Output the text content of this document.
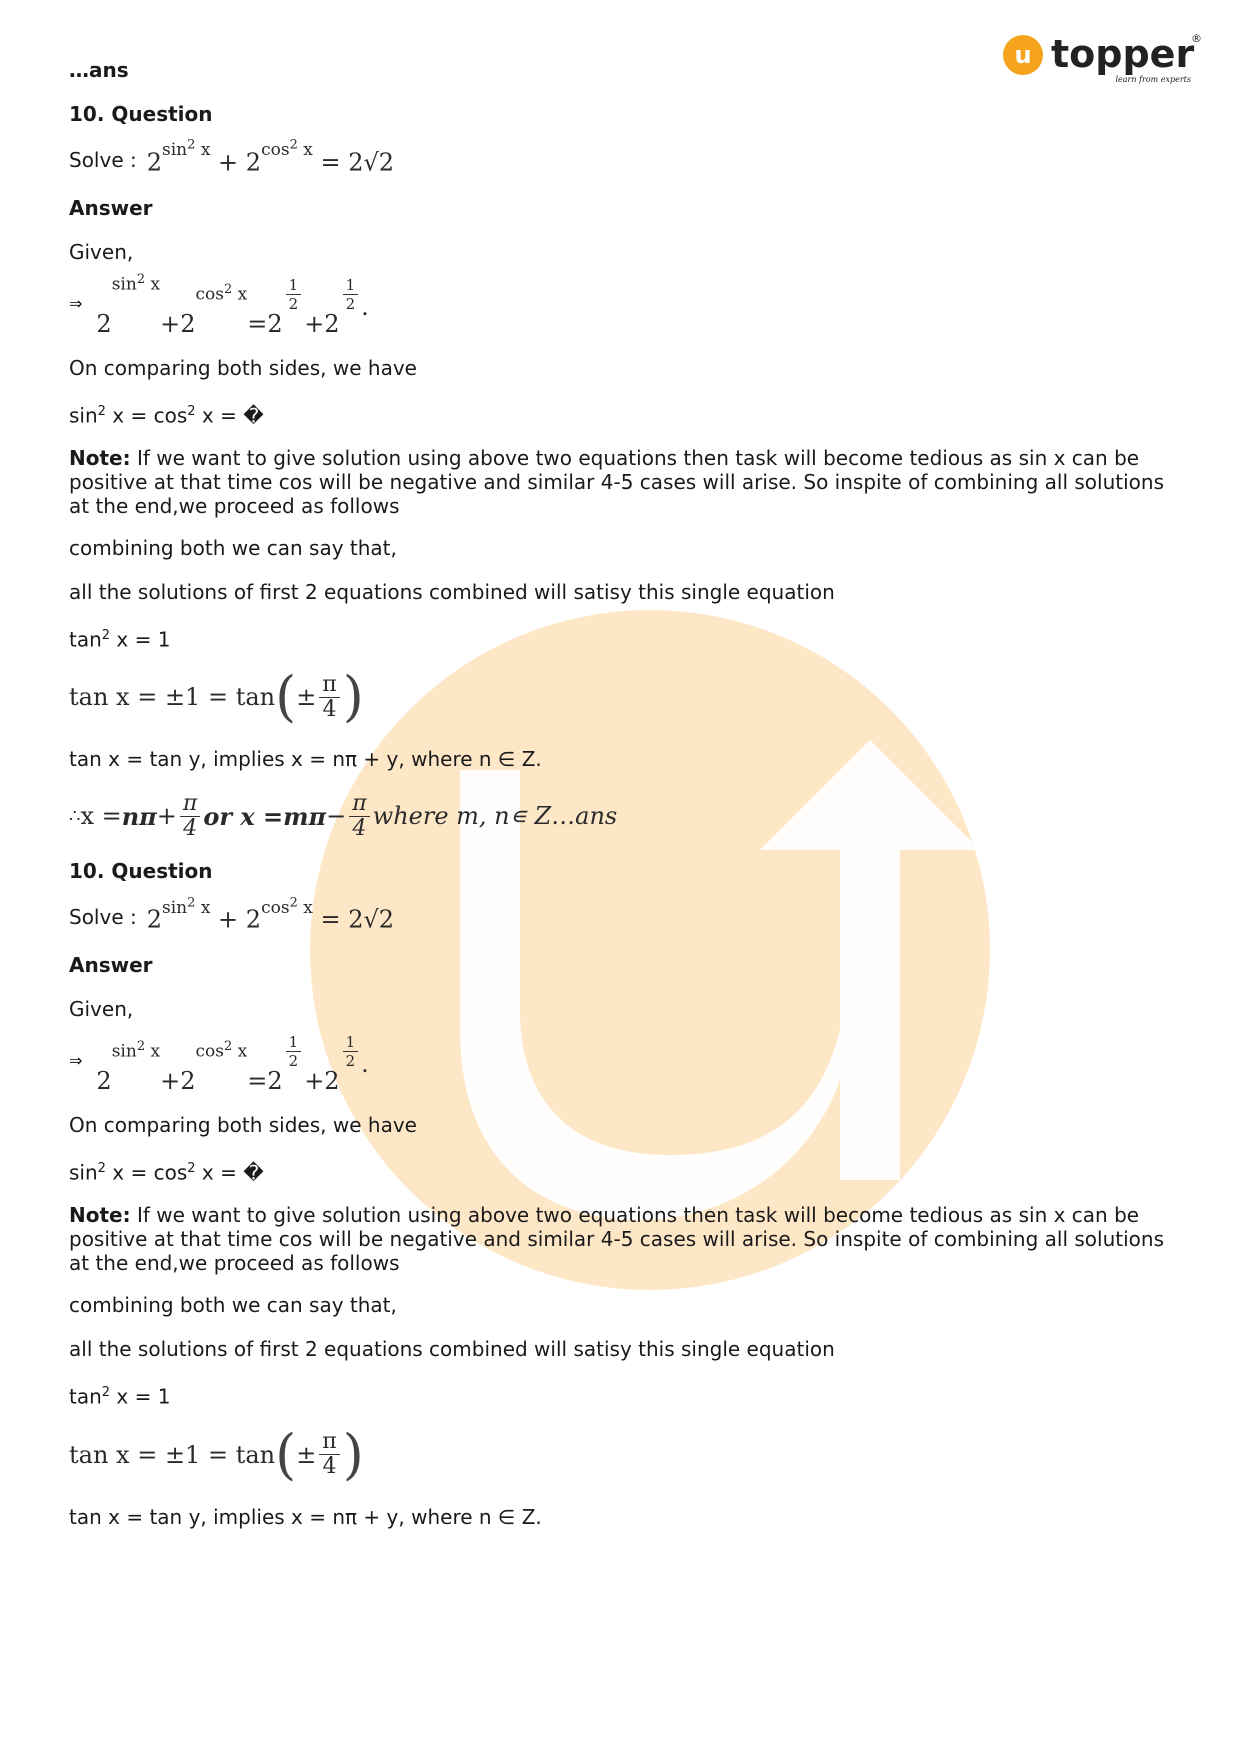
u topper
®
learn from experts

…ans

10. Question

Solve : $2^{sin^2 x} + 2^{cos^2 x} = 2√2$

Answer

Given,

⇒
2
$^{sin^2 x}$
+ 2
$\cos^2 x$
= 2
$\frac{1}{2}$
+ 2
$\frac{1}{2}$ .

On comparing both sides, we have

$\sin^2 x = \cos^2 x$ = �

Note: If we want to give solution using above two equations then task will become tedious as sin x can be positive at that time cos will be negative and similar 4-5 cases will arise. So inspite of combining all solutions at the end,we proceed as follows

combining both we can say that,

all the solutions of first 2 equations combined will satisy this single equation

$\tan^2 x = 1$

tan x = ±1 = tan ( ± $\frac{\pi}{4}$ )

tan x = tan y, implies x = nπ + y, where n ∈ Z.

∴ $x = n\pi + \frac{\pi}{4}$ or $x = m\pi - \frac{\pi}{4}$ where m, n∊ Z…ans

10. Question

Solve : $2^{sin^2 x} + 2^{cos^2 x} = 2√2$

Answer

Given,

⇒
2
$\sin^2 x$
+ 2
$\cos^2 x$
= 2
$\frac{1}{2}$
+ 2
$\frac{1}{2}$ .

On comparing both sides, we have

$\sin^2 x = \cos^2 x$ = �

Note: If we want to give solution using above two equations then task will become tedious as sin x can be positive at that time cos will be negative and similar 4-5 cases will arise. So inspite of combining all solutions at the end,we proceed as follows

combining both we can say that,

all the solutions of first 2 equations combined will satisy this single equation

$\tan^2 x = 1$

tan x = ±1 = tan ( ± $\frac{\pi}{4}$ )

tan x = tan y, implies x = nπ + y, where n ∈ Z.
